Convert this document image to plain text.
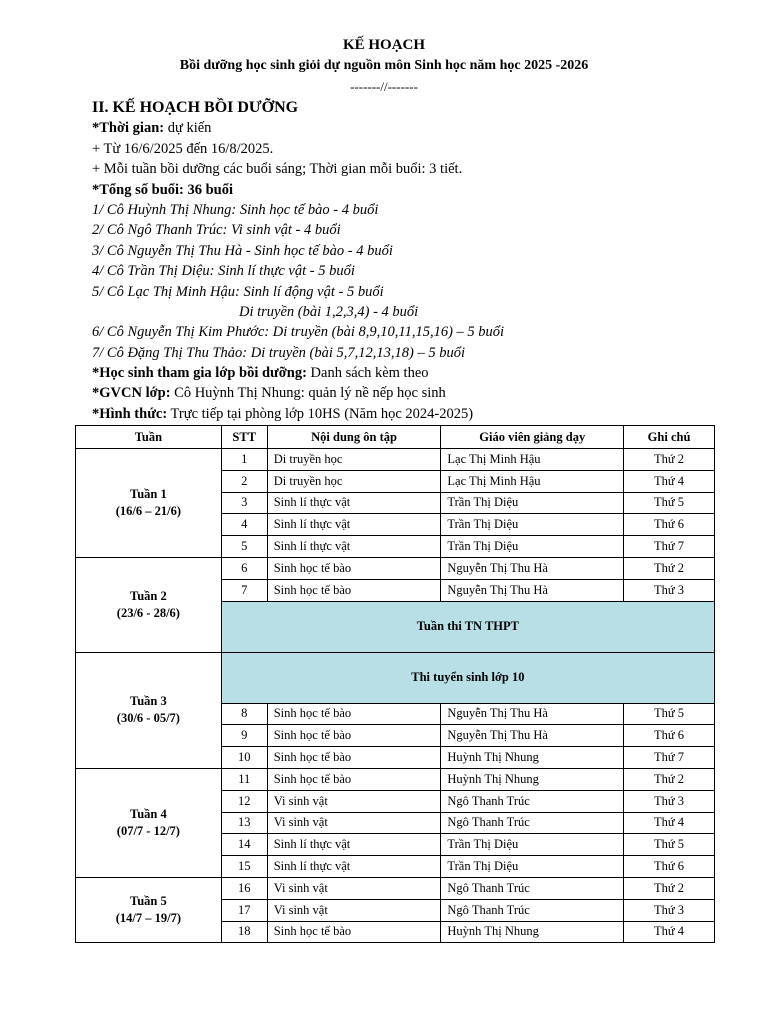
KẾ HOẠCH
Bồi dưỡng học sinh giỏi dự nguồn môn Sinh học năm học 2025 -2026
-------//-------
II. KẾ HOẠCH BỒI DƯỠNG
*Thời gian: dự kiến
+ Từ 16/6/2025 đến 16/8/2025.
+ Mỗi tuần bồi dưỡng các buổi sáng; Thời gian mỗi buổi: 3 tiết.
*Tổng số buổi: 36 buổi
1/ Cô Huỳnh Thị Nhung: Sinh học tế bào - 4 buổi
2/ Cô Ngô Thanh Trúc: Vi sinh vật - 4 buổi
3/ Cô Nguyễn Thị Thu Hà - Sinh học tế bào - 4 buổi
4/ Cô Trần Thị Diệu: Sinh lí thực vật - 5 buổi
5/ Cô Lạc Thị Minh Hậu: Sinh lí động vật - 5 buổi
Di truyền (bài 1,2,3,4) - 4 buổi
6/ Cô Nguyễn Thị Kim Phước: Di truyền (bài 8,9,10,11,15,16) – 5 buổi
7/ Cô Đặng Thị Thu Thảo: Di truyền (bài 5,7,12,13,18) – 5 buổi
*Học sinh tham gia lớp bồi dưỡng: Danh sách kèm theo
*GVCN lớp: Cô Huỳnh Thị Nhung: quản lý nề nếp học sinh
*Hình thức: Trực tiếp tại phòng lớp 10HS (Năm học 2024-2025)
Tuần	STT	Nội dung ôn tập	Giáo viên giảng dạy	Ghi chú

Tuần 1
(16/6 – 21/6)	1	Di truyền học	Lạc Thị Minh Hậu	Thứ 2
	2	Di truyền học	Lạc Thị Minh Hậu	Thứ 4
	3	Sinh lí thực vật	Trần Thị Diệu	Thứ 5
	4	Sinh lí thực vật	Trần Thị Diệu	Thứ 6
	5	Sinh lí thực vật	Trần Thị Diệu	Thứ 7

Tuần 2
(23/6 - 28/6)	6	Sinh học tế bào	Nguyễn Thị Thu Hà	Thứ 2
	7	Sinh học tế bào	Nguyễn Thị Thu Hà	Thứ 3
	Tuần thi TN THPT			

Tuần 3
(30/6 - 05/7)	Thi tuyển sinh lớp 10			
	8	Sinh học tế bào	Nguyễn Thị Thu Hà	Thứ 5
	9	Sinh học tế bào	Nguyễn Thị Thu Hà	Thứ 6
	10	Sinh học tế bào	Huỳnh Thị Nhung	Thứ 7

Tuần 4
(07/7 - 12/7)	11	Sinh học tế bào	Huỳnh Thị Nhung	Thứ 2
	12	Vi sinh vật	Ngô Thanh Trúc	Thứ 3
	13	Vi sinh vật	Ngô Thanh Trúc	Thứ 4
	14	Sinh lí thực vật	Trần Thị Diệu	Thứ 5
	15	Sinh lí thực vật	Trần Thị Diệu	Thứ 6

Tuần 5
(14/7 – 19/7)	16	Vi sinh vật	Ngô Thanh Trúc	Thứ 2
	17	Vi sinh vật	Ngô Thanh Trúc	Thứ 3
	18	Sinh học tế bào	Huỳnh Thị Nhung	Thứ 4
